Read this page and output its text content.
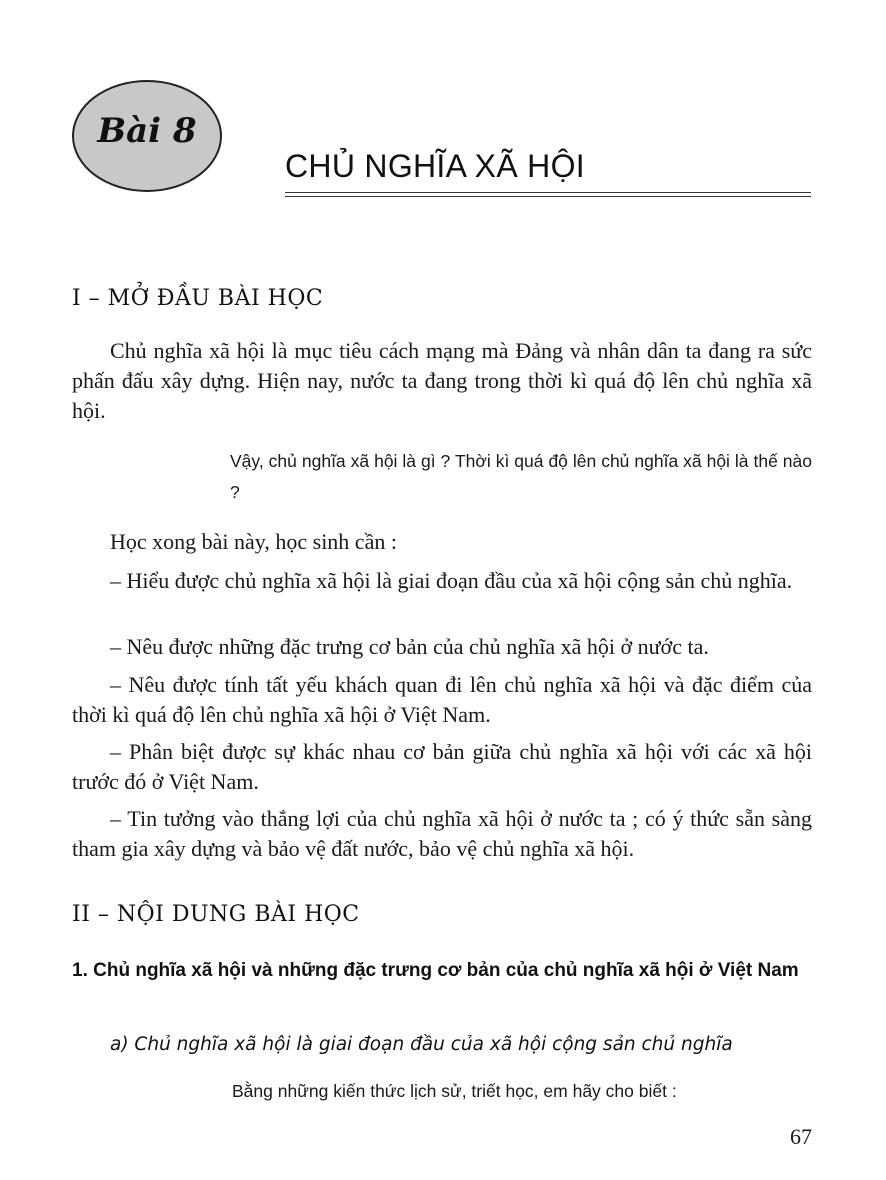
Bài 8
CHỦ NGHĨA XÃ HỘI
I – MỞ ĐẦU BÀI HỌC
Chủ nghĩa xã hội là mục tiêu cách mạng mà Đảng và nhân dân ta đang ra sức phấn đấu xây dựng. Hiện nay, nước ta đang trong thời kì quá độ lên chủ nghĩa xã hội.
Vậy, chủ nghĩa xã hội là gì ? Thời kì quá độ lên chủ nghĩa xã hội là thế nào ?
Học xong bài này, học sinh cần :
– Hiểu được chủ nghĩa xã hội là giai đoạn đầu của xã hội cộng sản chủ nghĩa.
– Nêu được những đặc trưng cơ bản của chủ nghĩa xã hội ở nước ta.
– Nêu được tính tất yếu khách quan đi lên chủ nghĩa xã hội và đặc điểm của thời kì quá độ lên chủ nghĩa xã hội ở Việt Nam.
– Phân biệt được sự khác nhau cơ bản giữa chủ nghĩa xã hội với các xã hội trước đó ở Việt Nam.
– Tin tưởng vào thắng lợi của chủ nghĩa xã hội ở nước ta ; có ý thức sẵn sàng tham gia xây dựng và bảo vệ đất nước, bảo vệ chủ nghĩa xã hội.
II – NỘI DUNG BÀI HỌC
1. Chủ nghĩa xã hội và những đặc trưng cơ bản của chủ nghĩa xã hội ở Việt Nam
a) Chủ nghĩa xã hội là giai đoạn đầu của xã hội cộng sản chủ nghĩa
Bằng những kiến thức lịch sử, triết học, em hãy cho biết :
67
